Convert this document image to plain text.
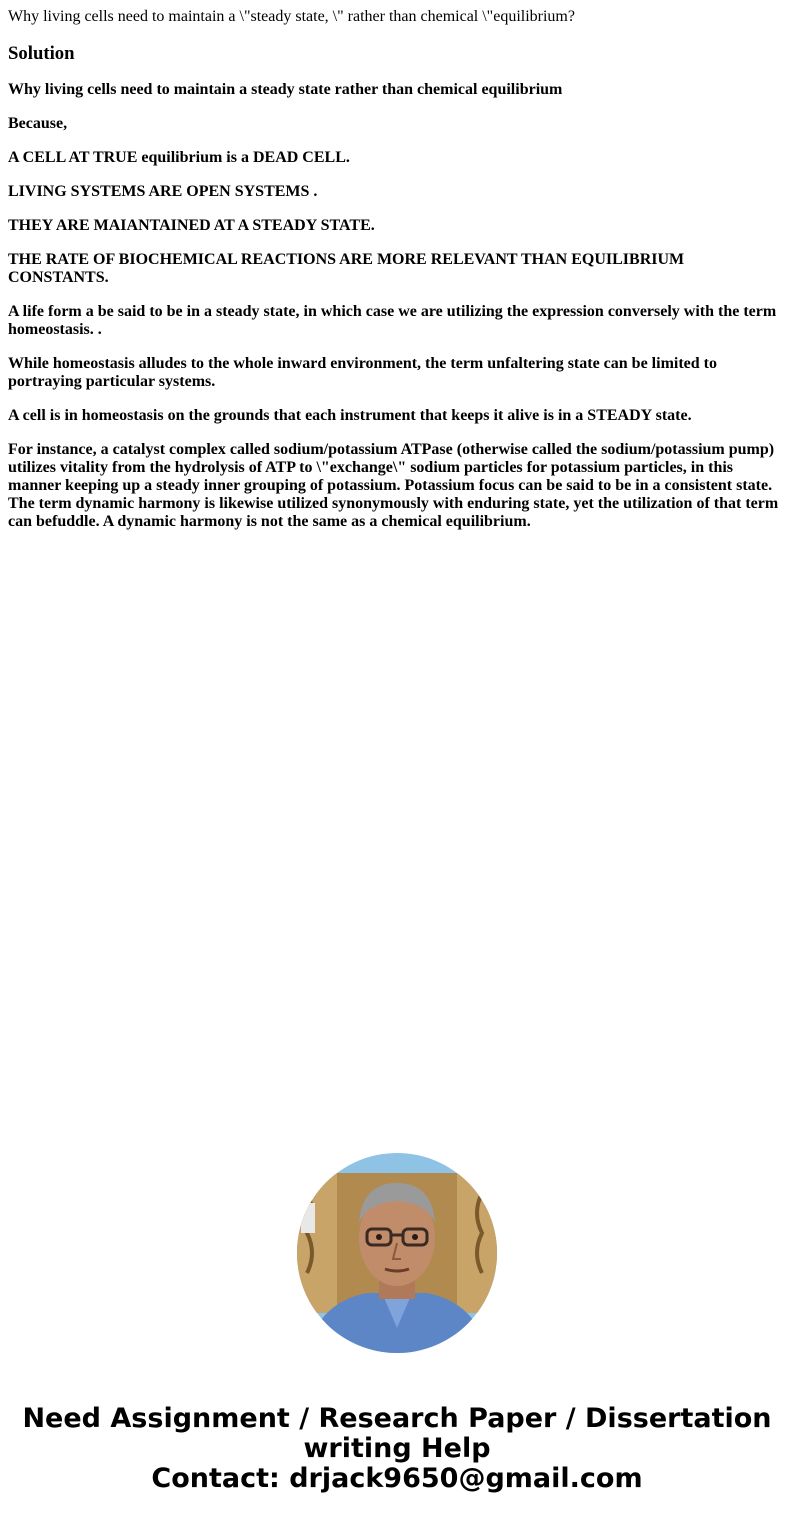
Why living cells need to maintain a \"steady state, \" rather than chemical \"equilibrium?
Solution
Why living cells need to maintain a steady state rather than chemical equilibrium
Because,
A CELL AT TRUE equilibrium is a DEAD CELL.
LIVING SYSTEMS ARE OPEN SYSTEMS .
THEY ARE MAIANTAINED AT A STEADY STATE.
THE RATE OF BIOCHEMICAL REACTIONS ARE MORE RELEVANT THAN EQUILIBRIUM CONSTANTS.
A life form a be said to be in a steady state, in which case we are utilizing the expression conversely with the term homeostasis. .
While homeostasis alludes to the whole inward environment, the term unfaltering state can be limited to portraying particular systems.
A cell is in homeostasis on the grounds that each instrument that keeps it alive is in a STEADY state.
For instance, a catalyst complex called sodium/potassium ATPase (otherwise called the sodium/potassium pump) utilizes vitality from the hydrolysis of ATP to \"exchange\" sodium particles for potassium particles, in this manner keeping up a steady inner grouping of potassium. Potassium focus can be said to be in a consistent state. The term dynamic harmony is likewise utilized synonymously with enduring state, yet the utilization of that term can befuddle. A dynamic harmony is not the same as a chemical equilibrium.
Need Assignment / Research Paper / Dissertation
writing Help
Contact: drjack9650@gmail.com
